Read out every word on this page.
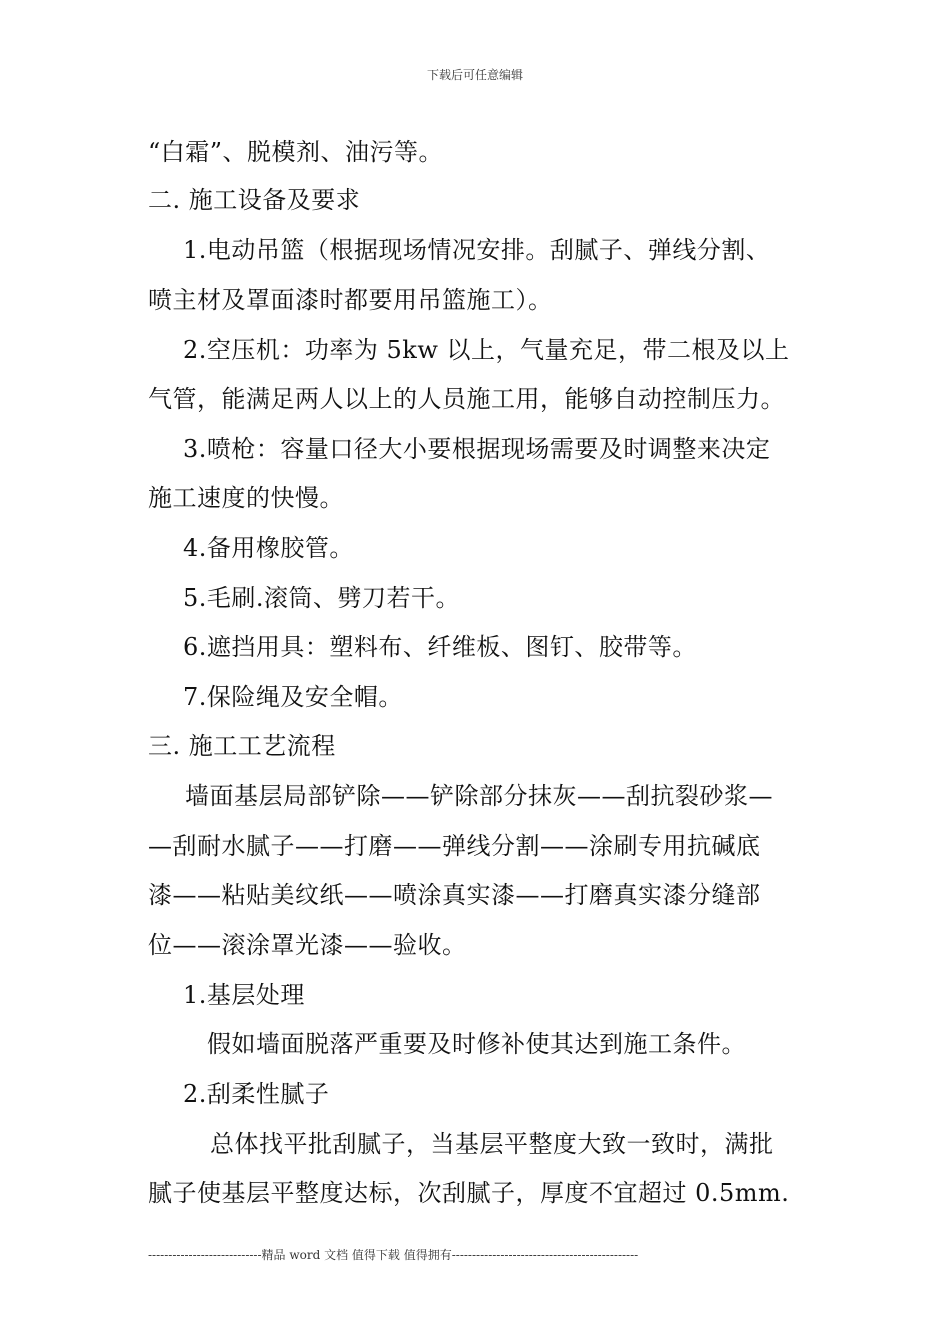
下载后可任意编辑
“白霜”、脱模剂、油污等。
二. 施工设备及要求
1.电动吊篮（根据现场情况安排。刮腻子、弹线分割、
喷主材及罩面漆时都要用吊篮施工）。
2.空压机：功率为 5kw 以上，气量充足，带二根及以上
气管，能满足两人以上的人员施工用，能够自动控制压力。
3.喷枪：容量口径大小要根据现场需要及时调整来决定
施工速度的快慢。
4.备用橡胶管。
5.毛刷.滚筒、劈刀若干。
6.遮挡用具：塑料布、纤维板、图钉、胶带等。
7.保险绳及安全帽。
三. 施工工艺流程
墙面基层局部铲除——铲除部分抹灰——刮抗裂砂浆—
—刮耐水腻子——打磨——弹线分割——涂刷专用抗碱底
漆——粘贴美纹纸——喷涂真实漆——打磨真实漆分缝部
位——滚涂罩光漆——验收。
1.基层处理
假如墙面脱落严重要及时修补使其达到施工条件。
2.刮柔性腻子
总体找平批刮腻子，当基层平整度大致一致时，满批
腻子使基层平整度达标，次刮腻子，厚度不宜超过 0.5mm.
----------------------------精品 word 文档 值得下载 值得拥有----------------------------------------------
